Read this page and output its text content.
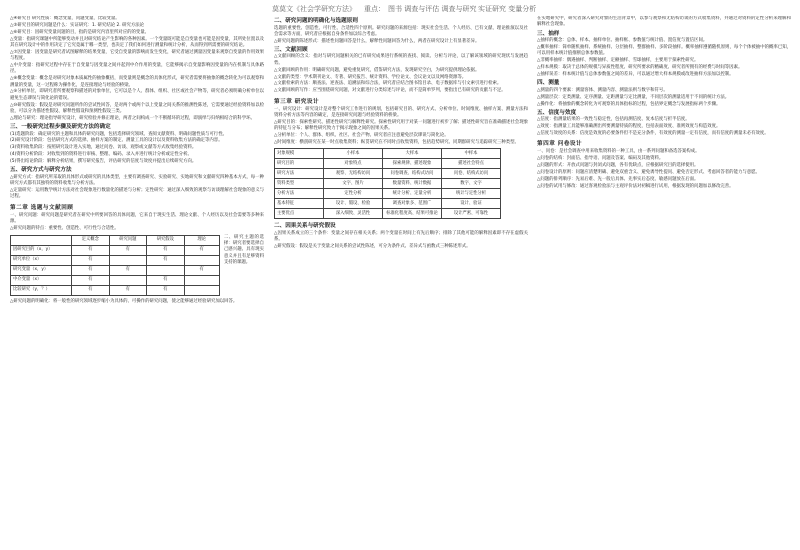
莫莫文《社会学研究方法》 重点： 图书 调查与评估 调查与研究 实证研究 变量分析

△④研究目 研究性质：概念变量，问题变量，比较变量。

△⑤研究目的研究问题是什么：实证研究：1. 研究结论 2. 研究方法论

△⑥研究目：因研究变量问题的目，指的是研究内容里所对应的的变量。

△变量：指研究课题中所能够变动并且对研究结论产生影响的各种因素。一个变量既可能是自变量也可能是因变量，其所处位置以及其在研究设计中的作用决定了它究竟属于哪一类型，也决定了我们如何进行测量和统计分析，从而得到所需要的研究结论。

△⑦因变量：因变量是研究者试图解释的结果变量，它受自变量的影响而发生变化，研究者通过测量因变量来观察自变量的作用效果与程度。

△中介变量：指研究过程中存在于自变量与因变量之间并起到中介作用的变量，它能够揭示自变量影响因变量的内在机制与具体路径。

△⑧概念变量：概念是对研究对象本质属性的抽象概括，而变量则是概念的具体化形式，研究者需要将抽象的概念转化为可以观察和测量的变量，这一过程称为操作化，是连接理论与经验的桥梁。

△⑨分析单位，即研究者所要观察和描述的对象单位，它可以是个人、群体、组织、社区或社会产物等，研究者必须明确分析单位以避免生态谬误与简化论的错误。

△⑩研究假设：假设是对研究问题所作的尝试性回答，是对两个或两个以上变量之间关系的推测性陈述，它需要通过经验资料加以检验，可以分为描述性假设、解释性假设和预测性假设三类。

△理论与研究：理论指导研究设计，研究检验并修正理论，两者之间构成一个不断循环的过程，即演绎与归纳相结合的科学环。

三、一般研究过程步骤及研究方法的确定

(1)选题阶段：确定研究的主题和具体的研究问题，包括选择研究领域、查阅文献资料、明确问题性质与可行性。

(2)研究设计阶段：包括研究方式的选择、抽样方案的制定、测量工具的设计以及资料收集方法的确定等内容。

(3)资料收集阶段：按照研究设计进入实地，通过问卷、访谈、观察或文献等方式收集经验资料。

(4)资料分析阶段：对收集到的资料进行审核、整理、编码、录入并进行统计分析或定性分析。

(5)得出结论阶段：解释分析结果，撰写研究报告，评估研究的信度与效度并提出后续研究方向。

五、研究方式与研究方法

△研究方式：指研究所采取的具体形式或研究的具体类型，主要有调查研究、实验研究、实地研究和文献研究四种基本方式，每一种研究方式都有其独特的资料收集与分析方法。

△定量研究：运用数学统计方法对社会现象进行数量化的描述与分析；定性研究：通过深入细致的观察与访谈理解社会现象的意义与过程。

第二章 选题与文献回顾

一、研究问题：研究问题是研究者在研究中所要回答的具体问题，它来自于现实生活、理论文献、个人经历以及社会需要等多种来源。

△研究问题的特点：重要性、创造性、可行性与合适性。

	定义概念	研究问题	研究假设	理论
因研究目的（x，y）	有	有	有	有
研究单位（x）	有		有	
研究变量（x，y）	有	有		有
中介变量（x）	有		有	
比较研究（y，？）	有	有	有	

二、研究主题的选择：研究者要选择自己感兴趣、具有现实意义并且有足够资料支持的课题。

△研究问题的明确化：将一般性的研究领域逐步缩小为具体的、可操作的研究问题，使之能够通过经验研究加以回答。

二、研究问题的明确化与选题原则

选题的重要性、创造性、可行性、合适性四个原则。研究问题的来源包括：现实社会生活、个人经历、已有文献、理论推演以及社会需求等方面，研究者应根据自身条件加以综合考虑。

△研究问题的陈述形式：描述性问题回答是什么，解释性问题回答为什么，两者在研究设计上有显著差异。

三、文献回顾

△文献回顾的含义：指对与研究问题相关的已有研究成果进行系统的查找、阅读、分析与评论，以了解该领域的研究现状与发展趋势。

△文献回顾的作用：明确研究问题，避免重复研究，借鉴研究方法，发现研究空白，为研究提供理论依据。

△文献的类型：学术期刊论文、专著、研究报告、统计资料、学位论文、会议论文以及网络资源等。

△文献检索的方法：顺查法、逆查法、追溯法和综合法，研究者应结合图书馆目录、电子数据库与引文索引进行检索。

△文献回顾的写作：应当围绕研究问题，对文献进行分类综述与评论，而不是简单罗列，要指出已有研究的贡献与不足。

第三章 研究设计

一、研究设计：研究设计是对整个研究工作进行的规划，包括研究目的、研究方式、分析单位、时间维度、抽样方案、测量方法和资料分析方法等内容的确定，是连接研究问题与经验资料的桥梁。

△研究目的：探索性研究、描述性研究与解释性研究。探索性研究用于对某一问题进行初步了解；描述性研究旨在准确描述社会现象的特征与分布；解释性研究致力于揭示现象之间的因果关系。

△分析单位：个人、群体、组织、社区、社会产物。研究者应注意避免层次谬误与简化论。

△时间维度：横剖研究在某一时点收集资料；纵贯研究在不同时点收集资料，包括趋势研究、同期群研究与追踪研究三种类型。

对象规模	小样本	大样本	中样本
研究目的	对象特点	探索规律、描述现象	描述社会特点
研究方法	观察、无结构访问	问卷调查、结构式访问	问卷、结构式访问
资料类型	文字、图片	数量资料、统计数据	数字、文字
分析方法	定性分析	统计分析、定量分析	统计与定性分析
基本特征	设计、假设、检验	调查对象多、范围广	设计、验证
主要优点	深入细致、灵活性	标准化程度高、结果可推论	设计严密、可靠性

二、因果关系与研究假设

△因果关系成立的三个条件：变量之间存在相关关系；两个变量在时间上有先后顺序；排除了其他可能的解释因素即不存在虚假关系。

△研究假设：假设是关于变量之间关系的尝试性陈述，可分为条件式、差异式与函数式三种陈述形式。

在实地研究中，研究者深入研究对象的生活背景中，以参与观察和无结构访谈的方式收集资料，并通过对资料的定性分析来理解和解释社会现象。

三、抽样

△抽样的概念：总体、样本、抽样单位、抽样框、参数值与统计值、置信度与置信区间。

△概率抽样：简单随机抽样、系统抽样、分层抽样、整群抽样、多阶段抽样。概率抽样遵循随机原则，每个个体被抽中的概率已知，可以用样本统计值推断总体参数值。

△非概率抽样：偶遇抽样、判断抽样、定额抽样、雪球抽样，主要用于探索性研究。

△样本规模：取决于总体的规模与异质性程度、研究所要求的精确度、研究者所拥有的经费与时间等因素。

△抽样误差：样本统计值与总体参数值之间的差异，可以通过增大样本规模或改进抽样方法加以控制。

四、测量

△测量的四个要素：测量客体、测量内容、测量法则与数字和符号。

△测量层次：定类测量、定序测量、定距测量与定比测量，不同层次的测量适用于不同的统计方法。

△操作化：将抽象的概念转化为可观察的具体指标的过程，包括界定概念与发展指标两个步骤。

五、信度与效度

△信度：指测量结果的一致性与稳定性，包括再测信度、复本信度与折半信度。

△效度：指测量工具能够准确测出所要测量特质的程度，包括表面效度、准则效度与构造效度。

△信度与效度的关系：信度是效度的必要条件但不是充分条件，有效度的测量一定有信度，而有信度的测量未必有效度。

第四章 问卷设计

一、问卷：是社会调查中用来收集资料的一种工具，由一系列问题和备选答案构成。

△问卷的结构：封面信、指导语、问题及答案、编码及其他资料。

△问题的形式：开放式问题与封闭式问题，各有优缺点，应根据研究目的选择使用。

△问卷设计的原则：问题应清楚明确、避免双重含义、避免诱导性提问、避免否定形式、考虑回答者的能力与意愿。

△问题的排列顺序：先易后难、先一般后具体、先事实后态度、敏感问题放在后面。

△问卷的试用与修改：通过客观检验法与主观评价法对初稿进行试用，根据发现的问题加以修改完善。
